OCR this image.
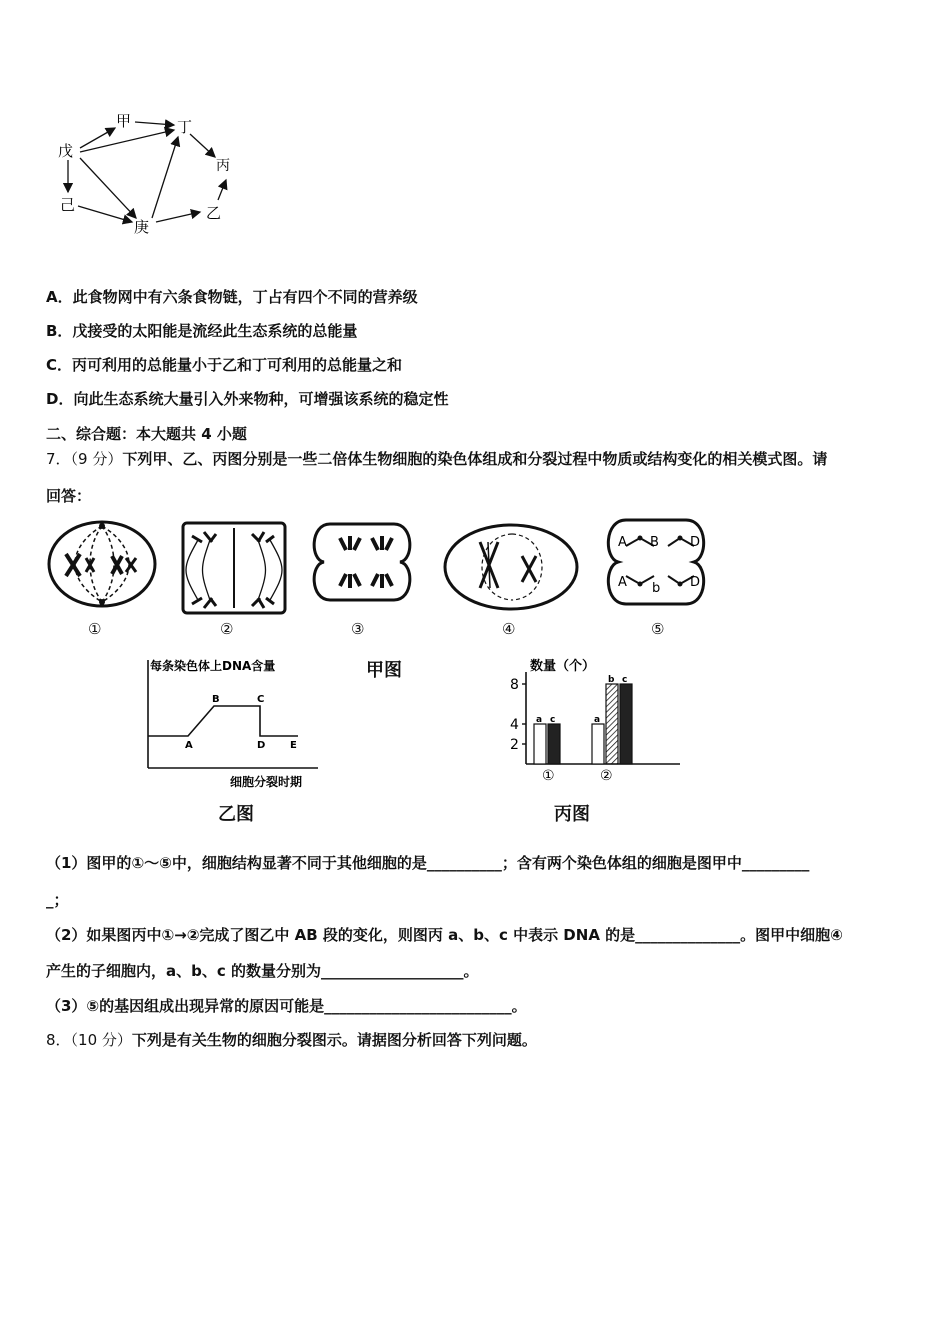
甲	丁
戊
丙
己
庚
乙
A．此食物网中有六条食物链，丁占有四个不同的营养级
B．戊接受的太阳能是流经此生态系统的总能量
C．丙可利用的总能量小于乙和丁可利用的总能量之和
D．向此生态系统大量引入外来物种，可增强该系统的稳定性
二、综合题：本大题共 4 小题
7．（9 分）下列甲、乙、丙图分别是一些二倍体生物细胞的染色体组成和分裂过程中物质或结构变化的相关模式图。请
回答：
A B D
A b D
①	②	③	④	⑤
甲图
每条染色体上DNA含量
细胞分裂时期
A
B	C
D E
乙图
数量（个）
a c	a
b c
2
4
8
①	②
丙图
（1）图甲的①～⑤中，细胞结构显著不同于其他细胞的是__________；含有两个染色体组的细胞是图甲中_________
_；
（2）如果图丙中①→②完成了图乙中 AB 段的变化，则图丙 a、b、c 中表示 DNA 的是______________。图甲中细胞④
产生的子细胞内，a、b、c 的数量分别为___________________。
（3）⑤的基因组成出现异常的原因可能是_________________________。
8．（10 分）下列是有关生物的细胞分裂图示。请据图分析回答下列问题。
